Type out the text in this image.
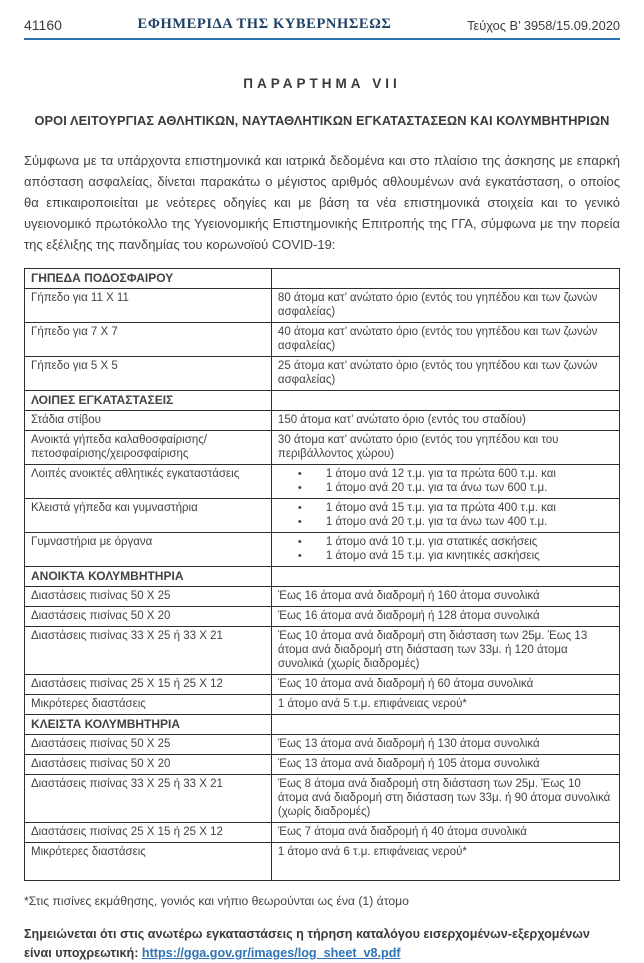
41160	ΕΦΗΜΕΡΙΔΑ ΤΗΣ ΚΥΒΕΡΝΗΣΕΩΣ	Τεύχος Β’ 3958/15.09.2020
ΠΑΡΑΡΤΗΜΑ VII
ΟΡΟΙ ΛΕΙΤΟΥΡΓΙΑΣ ΑΘΛΗΤΙΚΩΝ, ΝΑΥΤΑΘΛΗΤΙΚΩΝ ΕΓΚΑΤΑΣΤΑΣΕΩΝ ΚΑΙ ΚΟΛΥΜΒΗΤΗΡΙΩΝ
Σύμφωνα με τα υπάρχοντα επιστημονικά και ιατρικά δεδομένα και στο πλαίσιο της άσκησης με επαρκή απόσταση ασφαλείας, δίνεται παρακάτω ο μέγιστος αριθμός αθλουμένων ανά εγκατάσταση, ο οποίος θα επικαιροποιείται με νεότερες οδηγίες και με βάση τα νέα επιστημονικά στοιχεία και το γενικό υγειονομικό πρωτόκολλο της Υγειονομικής Επιστημονικής Επιτροπής της ΓΓΑ, σύμφωνα με την πορεία της εξέλιξης της πανδημίας του κορωνοϊού COVID-19:
ΓΗΠΕΔΑ ΠΟΔΟΣΦΑΙΡΟΥ	
Γήπεδο για 11 Χ 11	80 άτομα κατ’ ανώτατο όριο (εντός του γηπέδου και των ζωνών ασφαλείας)
Γήπεδο για 7 Χ 7	40 άτομα κατ’ ανώτατο όριο (εντός του γηπέδου και των ζωνών ασφαλείας)
Γήπεδο για 5 Χ 5	25 άτομα κατ’ ανώτατο όριο (εντός του γηπέδου και των ζωνών ασφαλείας)
ΛΟΙΠΕΣ ΕΓΚΑΤΑΣΤΑΣΕΙΣ	
Στάδια στίβου	150 άτομα κατ’ ανώτατο όριο (εντός του σταδίου)
Ανοικτά γήπεδα καλαθοσφαίρισης/πετοσφαίρισης/χειροσφαίρισης	30 άτομα κατ’ ανώτατο όριο (εντός του γηπέδου και του περιβάλλοντος χώρου)
Λοιπές ανοικτές αθλητικές εγκαταστάσεις	• 1 άτομο ανά 12 τ.μ. για τα πρώτα 600 τ.μ. και
• 1 άτομο ανά 20 τ.μ. για τα άνω των 600 τ.μ.

Κλειστά γήπεδα και γυμναστήρια	• 1 άτομο ανά 15 τ.μ. για τα πρώτα 400 τ.μ. και
• 1 άτομο ανά 20 τ.μ. για τα άνω των 400 τ.μ.

Γυμναστήρια με όργανα	• 1 άτομο ανά 10 τ.μ. για στατικές ασκήσεις
• 1 άτομο ανά 15 τ.μ. για κινητικές ασκήσεις

ΑΝΟΙΚΤΑ ΚΟΛΥΜΒΗΤΗΡΙΑ	
Διαστάσεις πισίνας 50 Χ 25	Έως 16 άτομα ανά διαδρομή ή 160 άτομα συνολικά
Διαστάσεις πισίνας 50 Χ 20	Έως 16 άτομα ανά διαδρομή ή 128 άτομα συνολικά
Διαστάσεις πισίνας 33 Χ 25 ή 33 Χ 21	Έως 10 άτομα ανά διαδρομή στη διάσταση των 25μ. Έως 13 άτομα ανά διαδρομή στη διάσταση των 33μ. ή 120 άτομα συνολικά (χωρίς διαδρομές)
Διαστάσεις πισίνας 25 Χ 15 ή 25 Χ 12	Έως 10 άτομα ανά διαδρομή ή 60 άτομα συνολικά
Μικρότερες διαστάσεις	1 άτομο ανά 5 τ.μ. επιφάνειας νερού*
ΚΛΕΙΣΤΑ ΚΟΛΥΜΒΗΤΗΡΙΑ	
Διαστάσεις πισίνας 50 Χ 25	Έως 13 άτομα ανά διαδρομή ή 130 άτομα συνολικά
Διαστάσεις πισίνας 50 Χ 20	Έως 13 άτομα ανά διαδρομή ή 105 άτομα συνολικά
Διαστάσεις πισίνας 33 Χ 25 ή 33 Χ 21	Έως 8 άτομα ανά διαδρομή στη διάσταση των 25μ. Έως 10 άτομα ανά διαδρομή στη διάσταση των 33μ. ή 90 άτομα συνολικά (χωρίς διαδρομές)
Διαστάσεις πισίνας 25 Χ 15 ή 25 Χ 12	Έως 7 άτομα ανά διαδρομή ή 40 άτομα συνολικά
Μικρότερες διαστάσεις	1 άτομο ανά 6 τ.μ. επιφάνειας νερού*
*Στις πισίνες εκμάθησης, γονιός και νήπιο θεωρούνται ως ένα (1) άτομο
Σημειώνεται ότι στις ανωτέρω εγκαταστάσεις η τήρηση καταλόγου εισερχομένων-εξερχομένων είναι υποχρεωτική: https://gga.gov.gr/images/log_sheet_v8.pdf
